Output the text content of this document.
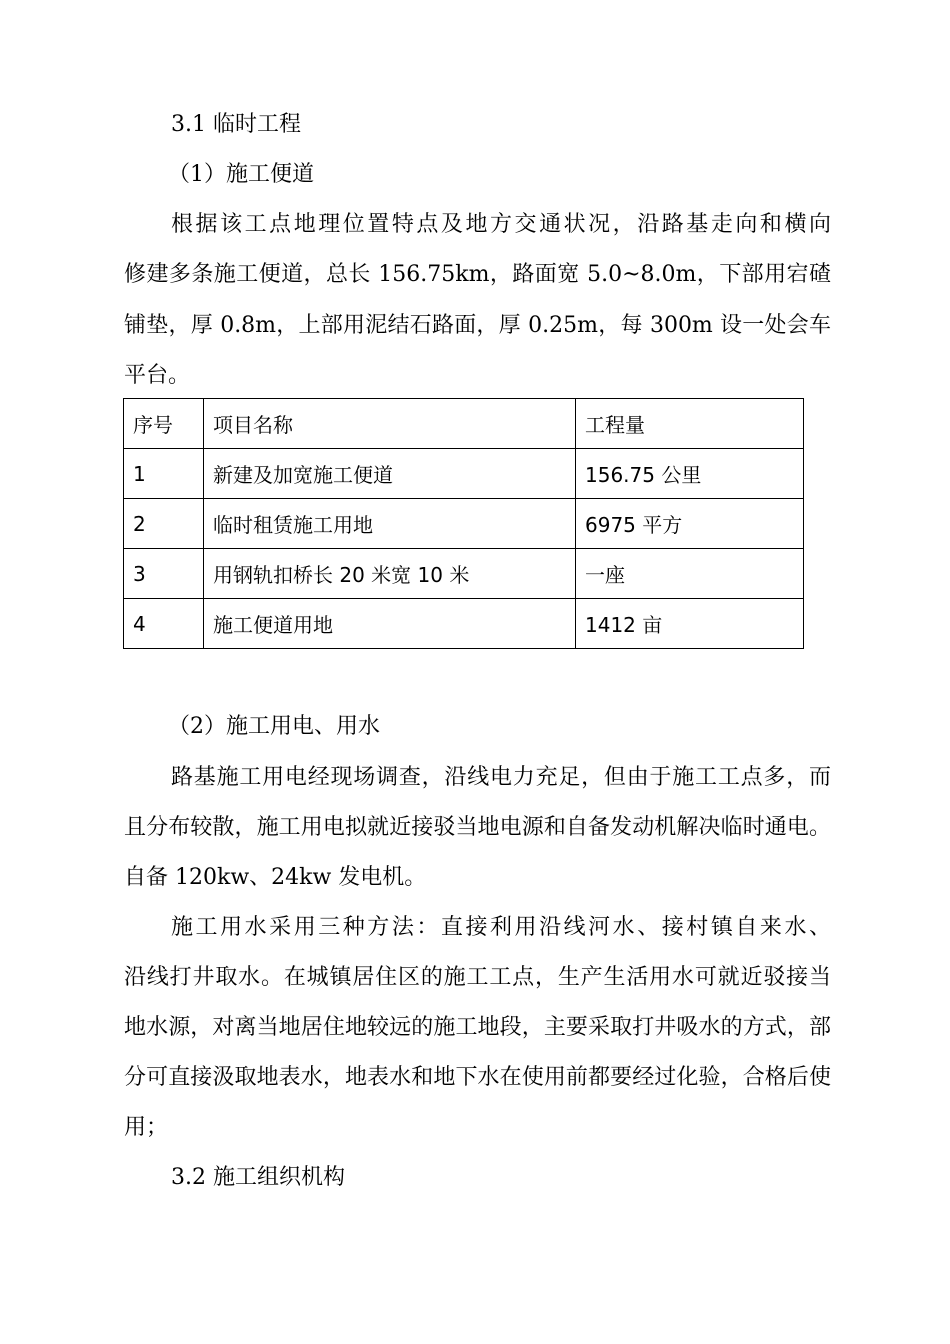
3.1 临时工程

（1）施工便道

根据该工点地理位置特点及地方交通状况，沿路基走向和横向

修建多条施工便道，总长 156.75km，路面宽 5.0~8.0m，下部用宕碴

铺垫，厚 0.8m，上部用泥结石路面，厚 0.25m，每 300m 设一处会车

平台。

序号	项目名称	工程量
1	新建及加宽施工便道	156.75 公里
2	临时租赁施工用地	6975 平方
3	用钢轨扣桥长 20 米宽 10 米	一座
4	施工便道用地	1412 亩

（2）施工用电、用水

路基施工用电经现场调查，沿线电力充足，但由于施工工点多，而

且分布较散，施工用电拟就近接驳当地电源和自备发动机解决临时通电。

自备 120kw、24kw 发电机。

施工用水采用三种方法：直接利用沿线河水、接村镇自来水、

沿线打井取水。在城镇居住区的施工工点，生产生活用水可就近驳接当

地水源，对离当地居住地较远的施工地段，主要采取打井吸水的方式，部

分可直接汲取地表水，地表水和地下水在使用前都要经过化验，合格后使

用；

3.2 施工组织机构
